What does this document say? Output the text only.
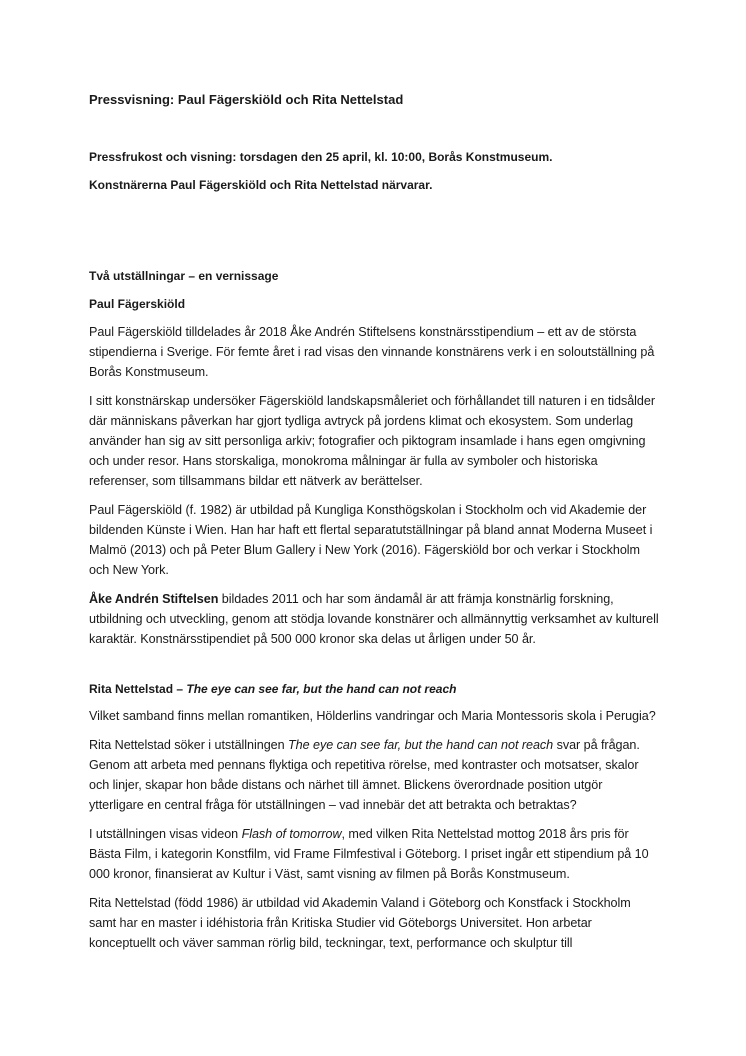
Pressvisning: Paul Fägerskiöld och Rita Nettelstad

Pressfrukost och visning: torsdagen den 25 april, kl. 10:00, Borås Konstmuseum.

Konstnärerna Paul Fägerskiöld och Rita Nettelstad närvarar.

Två utställningar – en vernissage
Paul Fägerskiöld

Paul Fägerskiöld tilldelades år 2018 Åke Andrén Stiftelsens konstnärsstipendium – ett av de största stipendierna i Sverige. För femte året i rad visas den vinnande konstnärens verk i en soloutställning på Borås Konstmuseum.

I sitt konstnärskap undersöker Fägerskiöld landskapsmåleriet och förhållandet till naturen i en tidsålder där människans påverkan har gjort tydliga avtryck på jordens klimat och ekosystem. Som underlag använder han sig av sitt personliga arkiv; fotografier och piktogram insamlade i hans egen omgivning och under resor. Hans storskaliga, monokroma målningar är fulla av symboler och historiska referenser, som tillsammans bildar ett nätverk av berättelser.

Paul Fägerskiöld (f. 1982) är utbildad på Kungliga Konsthögskolan i Stockholm och vid Akademie der bildenden Künste i Wien. Han har haft ett flertal separatutställningar på bland annat Moderna Museet i Malmö (2013) och på Peter Blum Gallery i New York (2016). Fägerskiöld bor och verkar i Stockholm och New York.

Åke Andrén Stiftelsen bildades 2011 och har som ändamål är att främja konstnärlig forskning, utbildning och utveckling, genom att stödja lovande konstnärer och allmännyttig verksamhet av kulturell karaktär. Konstnärsstipendiet på 500 000 kronor ska delas ut årligen under 50 år.

Rita Nettelstad – The eye can see far, but the hand can not reach

Vilket samband finns mellan romantiken, Hölderlins vandringar och Maria Montessoris skola i Perugia?

Rita Nettelstad söker i utställningen The eye can see far, but the hand can not reach svar på frågan. Genom att arbeta med pennans flyktiga och repetitiva rörelse, med kontraster och motsatser, skalor och linjer, skapar hon både distans och närhet till ämnet. Blickens överordnade position utgör ytterligare en central fråga för utställningen – vad innebär det att betrakta och betraktas?

I utställningen visas videon Flash of tomorrow, med vilken Rita Nettelstad mottog 2018 års pris för Bästa Film, i kategorin Konstfilm, vid Frame Filmfestival i Göteborg. I priset ingår ett stipendium på 10 000 kronor, finansierat av Kultur i Väst, samt visning av filmen på Borås Konstmuseum.

Rita Nettelstad (född 1986) är utbildad vid Akademin Valand i Göteborg och Konstfack i Stockholm samt har en master i idéhistoria från Kritiska Studier vid Göteborgs Universitet. Hon arbetar konceptuellt och väver samman rörlig bild, teckningar, text, performance och skulptur till
